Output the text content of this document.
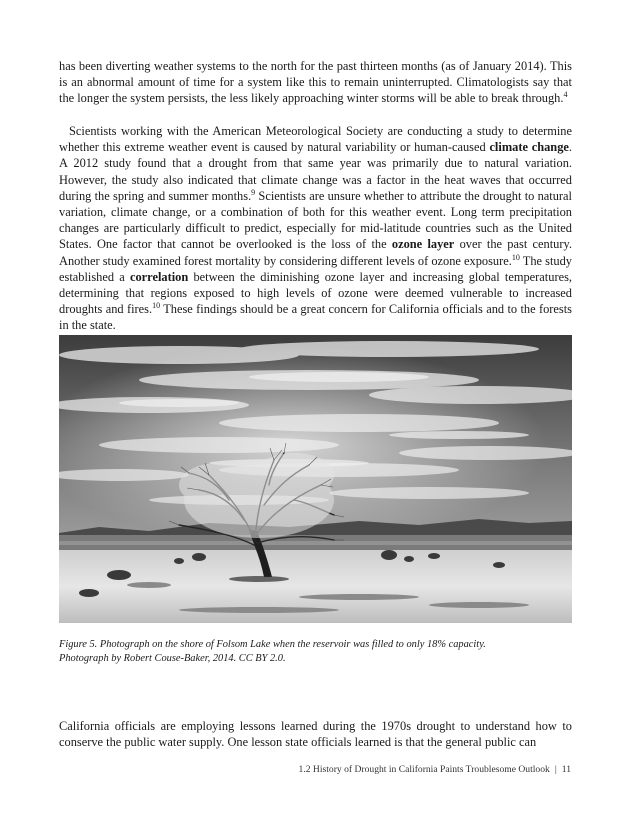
has been diverting weather systems to the north for the past thirteen months (as of January 2014). This is an abnormal amount of time for a system like this to remain uninterrupted. Climatologists say that the longer the system persists, the less likely approaching winter storms will be able to break through.$^4$

Scientists working with the American Meteorological Society are conducting a study to determine whether this extreme weather event is caused by natural variability or human-caused climate change. A 2012 study found that a drought from that same year was primarily due to natural variation. However, the study also indicated that climate change was a factor in the heat waves that occurred during the spring and summer months.$^9$ Scientists are unsure whether to attribute the drought to natural variation, climate change, or a combination of both for this weather event. Long term precipitation changes are particularly difficult to predict, especially for mid-latitude countries such as the United States. One factor that cannot be overlooked is the loss of the ozone layer over the past century. Another study examined forest mortality by considering different levels of ozone exposure.$^{10}$ The study established a correlation between the diminishing ozone layer and increasing global temperatures, determining that regions exposed to high levels of ozone were deemed vulnerable to increased droughts and fires.$^{10}$ These findings should be a great concern for California officials and to the forests in the state.

Figure 5. Photograph on the shore of Folsom Lake when the reservoir was filled to only 18% capacity.
Photograph by Robert Couse-Baker, 2014. CC BY 2.0.

California officials are employing lessons learned during the 1970s drought to understand how to conserve the public water supply. One lesson state officials learned is that the general public can

1.2 History of Drought in California Paints Troublesome Outlook | 11
